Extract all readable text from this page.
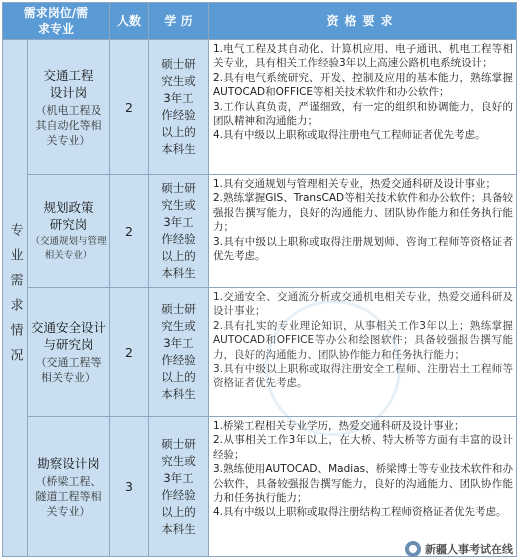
需求岗位/需求专业
人数 学 历	资格要求
专业需求情况
交通工程设计岗
（机电工程及其自动化等相关专业）
2
硕士研究生或3年工作经验以上的本科生
1.电气工程及其自动化、计算机应用、电子通讯、机电工程等相关专业，具有相关工作经验3年以上高速公路机电系统设计；
2.具有电气系统研究、开发、控制及应用的基本能力，熟练掌握AUTOCAD和OFFICE等相关技术软件和办公软件；
3.工作认真负责，严谨细致，有一定的组织和协调能力，良好的团队精神和沟通能力；
4.具有中级以上职称或取得注册电气工程师证者优先考虑。
规划政策研究岗
（交通规划与管理相关专业）
2
硕士研究生或3年工作经验以上的本科生
1.具有交通规划与管理相关专业，热爱交通科研及设计事业；
2.熟练掌握GIS、TransCAD等相关技术软件和办公软件；具备较强报告撰写能力，良好的沟通能力、团队协作能力和任务执行能力；
3.具有中级以上职称或取得注册规划师、咨询工程师等资格证者优先考虑。
交通安全设计与研究岗
（交通工程等相关专业）
2
硕士研究生或3年工作经验以上的本科生
1.交通安全、交通流分析或交通机电相关专业，热爱交通科研及设计事业；
2.具有扎实的专业理论知识，从事相关工作3年以上；熟练掌握AUTOCAD和OFFICE等办公和绘图软件；具备较强报告撰写能力，良好的沟通能力、团队协作能力和任务执行能力；
3.具有中级以上职称或取得注册安全工程师、注册岩土工程师等资格证者优先考虑。
勘察设计岗
（桥梁工程、隧道工程等相关专业）
3
硕士研究生或3年工作经验以上的本科生
1.桥梁工程相关专业学历，热爱交通科研及设计事业；
2.从事相关工作3年以上，在大桥、特大桥等方面有丰富的设计经验；
3.熟练使用AUTOCAD、Madias、桥梁博士等专业技术软件和办公软件，具备较强报告撰写能力，良好的沟通能力、团队协作能力和任务执行能力；
4.具有中级以上职称或取得注册结构工程师资格证者优先考虑。
新疆人事考试在线
